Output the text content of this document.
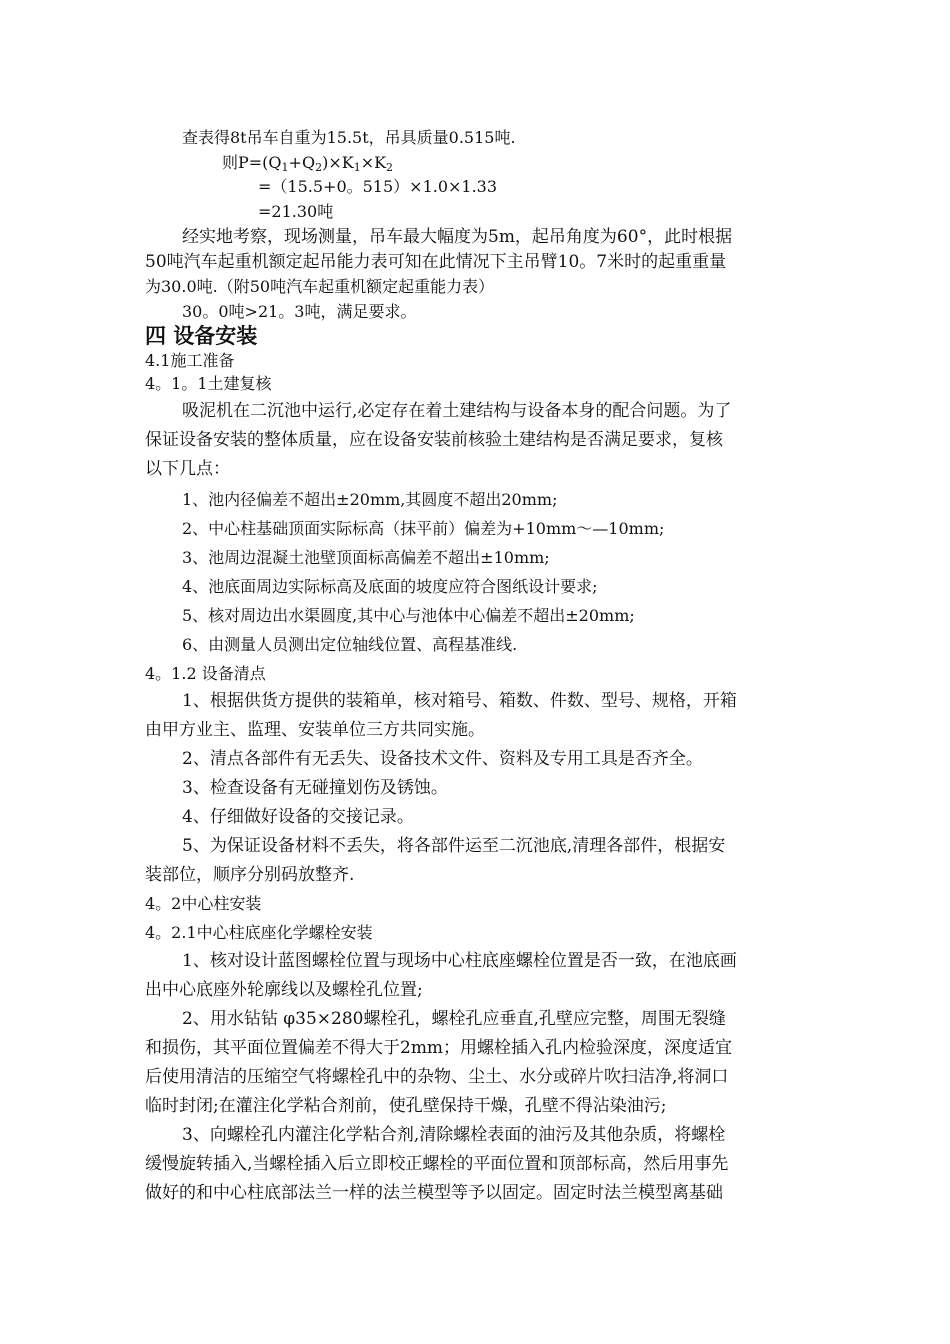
查表得8t吊车自重为15.5t，吊具质量0.515吨.
则$P=(Q_1+Q_2)\times K_1\times K_2$
=（15.5+0。515）×1.0×1.33
=21.30吨
经实地考察，现场测量，吊车最大幅度为5m，起吊角度为60°，此时根据
50吨汽车起重机额定起吊能力表可知在此情况下主吊臂10。7米时的起重重量
为30.0吨.（附50吨汽车起重机额定起重能力表）
30。0吨>21。3吨，满足要求。
四 设备安装
4.1施工准备
4。1。1土建复核
吸泥机在二沉池中运行,必定存在着土建结构与设备本身的配合问题。为了
保证设备安装的整体质量，应在设备安装前核验土建结构是否满足要求，复核
以下几点：
1、池内径偏差不超出±20mm,其圆度不超出20mm;
2、中心柱基础顶面实际标高（抹平前）偏差为+10mm～—10mm;
3、池周边混凝土池壁顶面标高偏差不超出±10mm;
4、池底面周边实际标高及底面的坡度应符合图纸设计要求;
5、核对周边出水渠圆度,其中心与池体中心偏差不超出±20mm;
6、由测量人员测出定位轴线位置、高程基准线.
4。1.2 设备清点
1、根据供货方提供的装箱单，核对箱号、箱数、件数、型号、规格，开箱
由甲方业主、监理、安装单位三方共同实施。
2、清点各部件有无丢失、设备技术文件、资料及专用工具是否齐全。
3、检查设备有无碰撞划伤及锈蚀。
4、仔细做好设备的交接记录。
5、为保证设备材料不丢失，将各部件运至二沉池底,清理各部件，根据安
装部位，顺序分别码放整齐.
4。2中心柱安装
4。2.1中心柱底座化学螺栓安装
1、核对设计蓝图螺栓位置与现场中心柱底座螺栓位置是否一致，在池底画
出中心底座外轮廓线以及螺栓孔位置;
2、用水钻钻 φ35×280螺栓孔，螺栓孔应垂直,孔壁应完整，周围无裂缝
和损伤，其平面位置偏差不得大于2mm；用螺栓插入孔内检验深度，深度适宜
后使用清洁的压缩空气将螺栓孔中的杂物、尘土、水分或碎片吹扫洁净,将洞口
临时封闭;在灌注化学粘合剂前，使孔壁保持干燥，孔壁不得沾染油污;
3、向螺栓孔内灌注化学粘合剂,清除螺栓表面的油污及其他杂质，将螺栓
缓慢旋转插入,当螺栓插入后立即校正螺栓的平面位置和顶部标高，然后用事先
做好的和中心柱底部法兰一样的法兰模型等予以固定。固定时法兰模型离基础
